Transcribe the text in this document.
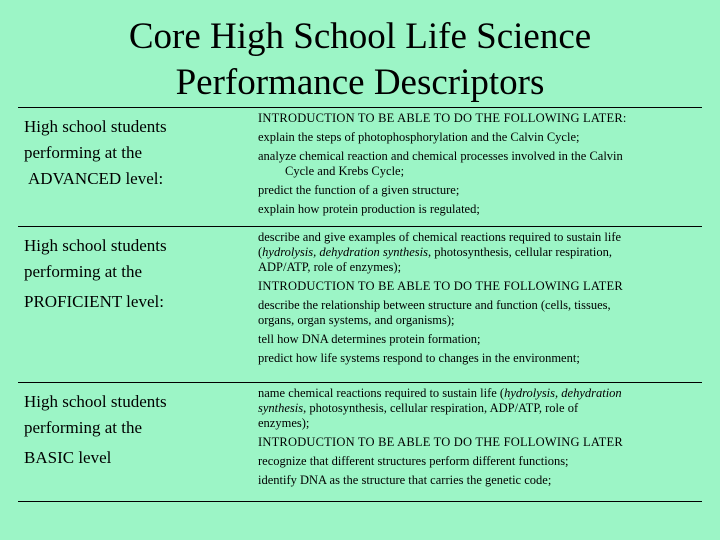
Core High School Life Science
Performance Descriptors
High school students
performing at the
ADVANCED level:
INTRODUCTION TO BE ABLE TO DO THE FOLLOWING LATER:
explain the steps of photophosphorylation and the Calvin Cycle;
analyze chemical reaction and chemical processes involved in the Calvin
Cycle and Krebs Cycle;
predict the function of a given structure;
explain how protein production is regulated;
High school students
performing at the
PROFICIENT level:
describe and give examples of chemical reactions required to sustain life
(hydrolysis, dehydration synthesis, photosynthesis, cellular respiration,
ADP/ATP, role of enzymes);
INTRODUCTION TO BE ABLE TO DO THE FOLLOWING LATER
describe the relationship between structure and function (cells, tissues,
organs, organ systems, and organisms);
tell how DNA determines protein formation;
predict how life systems respond to changes in the environment;
High school students
performing at the
BASIC level
name chemical reactions required to sustain life (hydrolysis, dehydration
synthesis, photosynthesis, cellular respiration, ADP/ATP, role of
enzymes);
INTRODUCTION TO BE ABLE TO DO THE FOLLOWING LATER
recognize that different structures perform different functions;
identify DNA as the structure that carries the genetic code;
